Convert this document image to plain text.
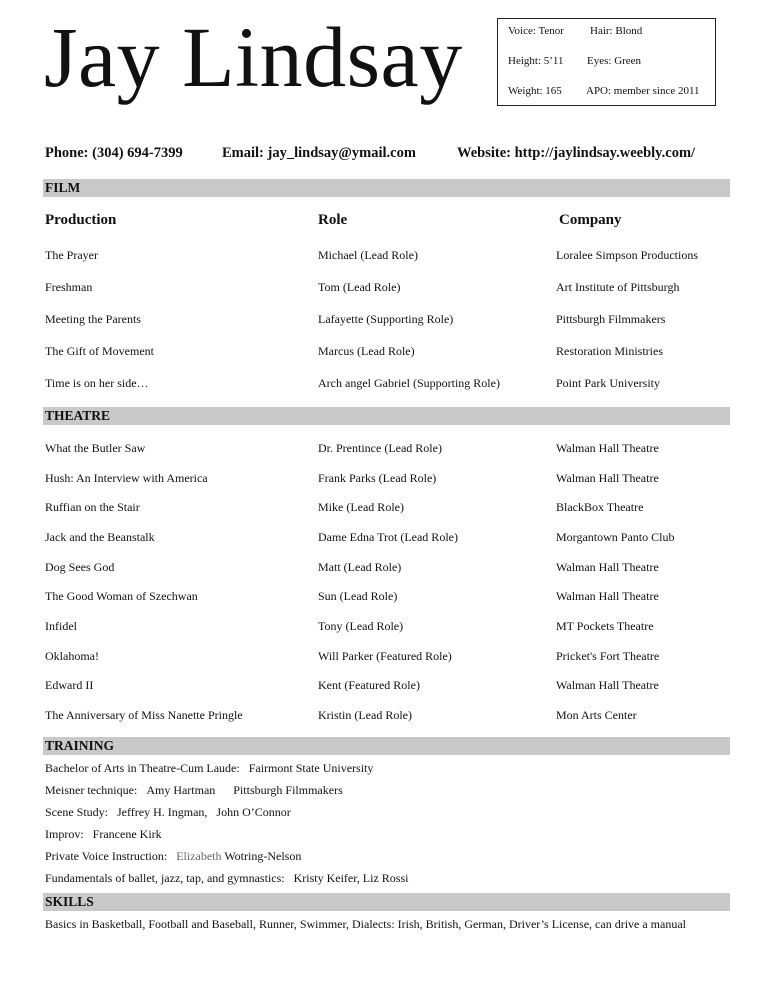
Jay Lindsay	Voice: Tenor Hair: Blond
Height: 5’11 Eyes: Green
Weight: 165 APO: member since 2011
Phone: (304) 694-7399	Email: jay_lindsay@ymail.com	Website: http://jaylindsay.weebly.com/
FILM
Production	Role	Company
The Prayer	Michael (Lead Role)	Loralee Simpson Productions
Freshman	Tom (Lead Role)	Art Institute of Pittsburgh
Meeting the Parents	Lafayette (Supporting Role)	Pittsburgh Filmmakers
The Gift of Movement	Marcus (Lead Role)	Restoration Ministries
Time is on her side…	Arch angel Gabriel (Supporting Role)	Point Park University
THEATRE
What the Butler Saw	Dr. Prentince (Lead Role)	Walman Hall Theatre
Hush: An Interview with America	Frank Parks (Lead Role)	Walman Hall Theatre
Ruffian on the Stair	Mike (Lead Role)	BlackBox Theatre
Jack and the Beanstalk	Dame Edna Trot (Lead Role)	Morgantown Panto Club
Dog Sees God	Matt (Lead Role)	Walman Hall Theatre
The Good Woman of Szechwan	Sun (Lead Role)	Walman Hall Theatre
Infidel	Tony (Lead Role)	MT Pockets Theatre
Oklahoma!	Will Parker (Featured Role)	Pricket's Fort Theatre
Edward II	Kent (Featured Role)	Walman Hall Theatre
The Anniversary of Miss Nanette Pringle	Kristin (Lead Role)	Mon Arts Center
TRAINING
Bachelor of Arts in Theatre-Cum Laude: Fairmont State University
Meisner technique: Amy Hartman Pittsburgh Filmmakers
Scene Study: Jeffrey H. Ingman, John O’Connor
Improv: Francene Kirk
Private Voice Instruction: Elizabeth Wotring-Nelson
Fundamentals of ballet, jazz, tap, and gymnastics: Kristy Keifer, Liz Rossi
SKILLS
Basics in Basketball, Football and Baseball, Runner, Swimmer, Dialects: Irish, British, German, Driver’s License, can drive a manual
